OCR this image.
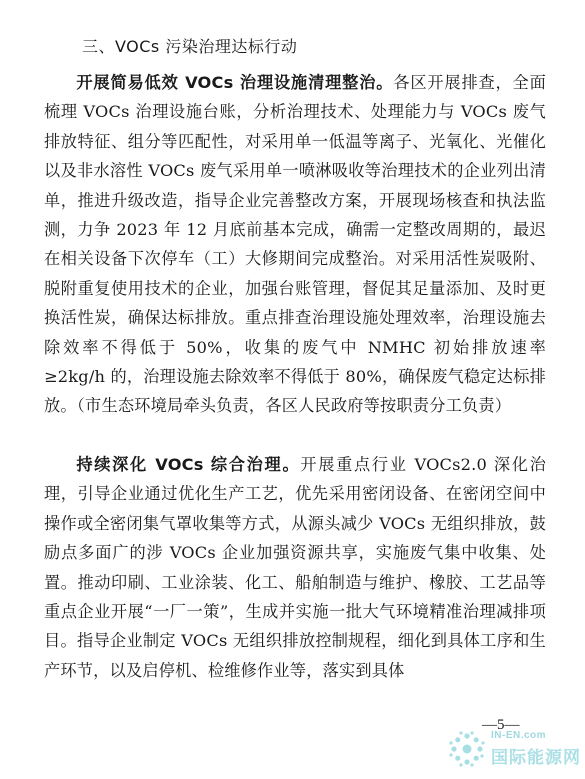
三、VOCs 污染治理达标行动

开展简易低效 VOCs 治理设施清理整治。各区开展排查，全面梳理 VOCs 治理设施台账，分析治理技术、处理能力与 VOCs 废气排放特征、组分等匹配性，对采用单一低温等离子、光氧化、光催化以及非水溶性 VOCs 废气采用单一喷淋吸收等治理技术的企业列出清单，推进升级改造，指导企业完善整改方案，开展现场核查和执法监测，力争 2023 年 12 月底前基本完成，确需一定整改周期的，最迟在相关设备下次停车（工）大修期间完成整治。对采用活性炭吸附、脱附重复使用技术的企业，加强台账管理，督促其足量添加、及时更换活性炭，确保达标排放。重点排查治理设施处理效率，治理设施去除效率不得低于 50%，收集的废气中 NMHC 初始排放速率 ≥2kg/h 的，治理设施去除效率不得低于 80%，确保废气稳定达标排放。（市生态环境局牵头负责，各区人民政府等按职责分工负责）

持续深化 VOCs 综合治理。开展重点行业 VOCs2.0 深化治理，引导企业通过优化生产工艺，优先采用密闭设备、在密闭空间中操作或全密闭集气罩收集等方式，从源头减少 VOCs 无组织排放，鼓励点多面广的涉 VOCs 企业加强资源共享，实施废气集中收集、处置。推动印刷、工业涂装、化工、船舶制造与维护、橡胶、工艺品等重点企业开展“一厂一策”，生成并实施一批大气环境精准治理减排项目。指导企业制定 VOCs 无组织排放控制规程，细化到具体工序和生产环节，以及启停机、检维修作业等，落实到具体

—5—
IN-EN.com
国际能源网
